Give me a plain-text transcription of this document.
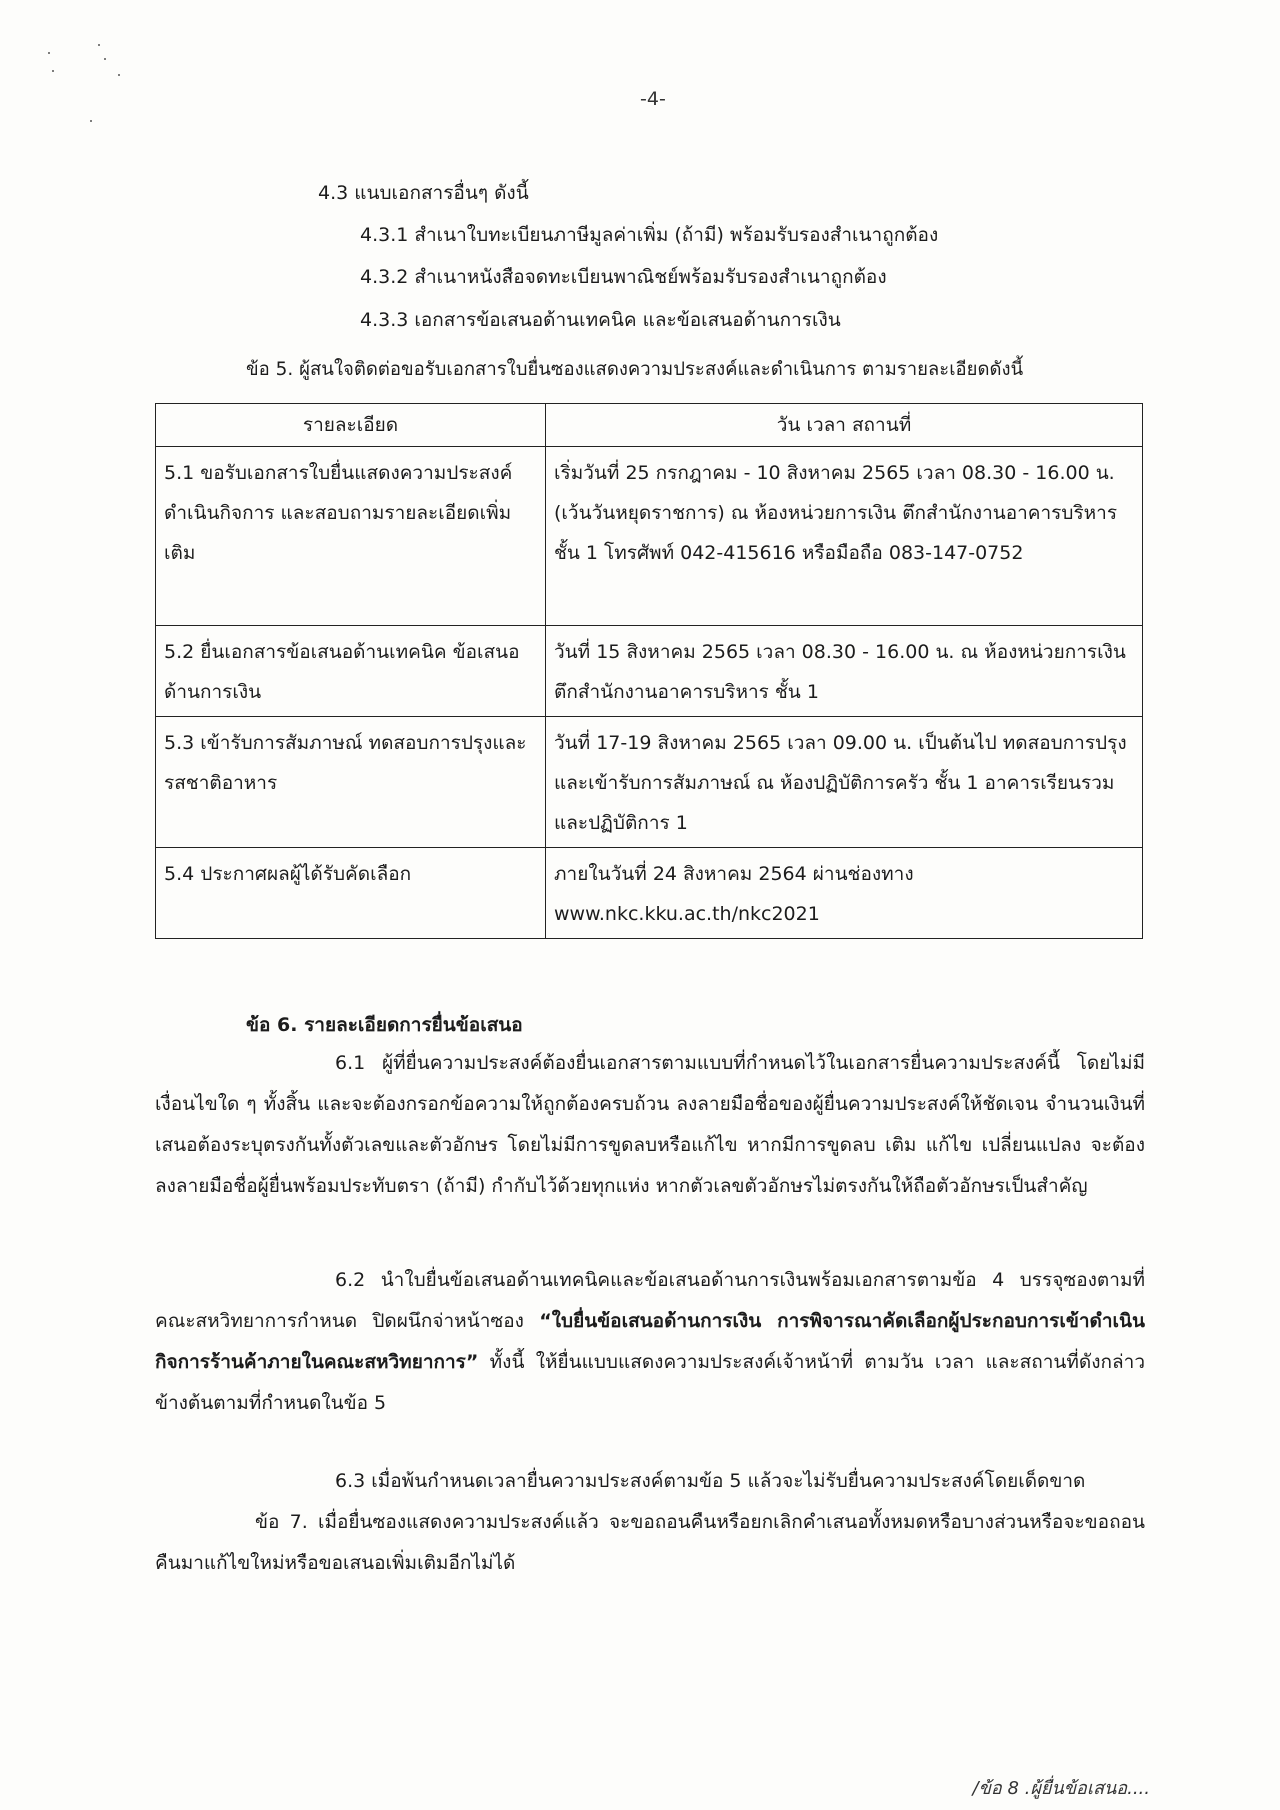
-4-
4.3 แนบเอกสารอื่นๆ ดังนี้
4.3.1 สำเนาใบทะเบียนภาษีมูลค่าเพิ่ม (ถ้ามี) พร้อมรับรองสำเนาถูกต้อง
4.3.2 สำเนาหนังสือจดทะเบียนพาณิชย์พร้อมรับรองสำเนาถูกต้อง
4.3.3 เอกสารข้อเสนอด้านเทคนิค และข้อเสนอด้านการเงิน
ข้อ 5. ผู้สนใจติดต่อขอรับเอกสารใบยื่นซองแสดงความประสงค์และดำเนินการ ตามรายละเอียดดังนี้
รายละเอียด	วัน เวลา สถานที่
5.1 ขอรับเอกสารใบยื่นแสดงความประสงค์ดำเนินกิจการ และสอบถามรายละเอียดเพิ่มเติม	เริ่มวันที่ 25 กรกฎาคม - 10 สิงหาคม 2565 เวลา 08.30 - 16.00 น. (เว้นวันหยุดราชการ) ณ ห้องหน่วยการเงิน ตึกสำนักงานอาคารบริหาร ชั้น 1 โทรศัพท์ 042-415616 หรือมือถือ 083-147-0752
5.2 ยื่นเอกสารข้อเสนอด้านเทคนิค ข้อเสนอด้านการเงิน	วันที่ 15 สิงหาคม 2565 เวลา 08.30 - 16.00 น. ณ ห้องหน่วยการเงิน ตึกสำนักงานอาคารบริหาร ชั้น 1
5.3 เข้ารับการสัมภาษณ์ ทดสอบการปรุงและรสชาติอาหาร	วันที่ 17-19 สิงหาคม 2565 เวลา 09.00 น. เป็นต้นไป ทดสอบการปรุงและเข้ารับการสัมภาษณ์ ณ ห้องปฏิบัติการครัว ชั้น 1 อาคารเรียนรวมและปฏิบัติการ 1
5.4 ประกาศผลผู้ได้รับคัดเลือก	ภายในวันที่ 24 สิงหาคม 2564 ผ่านช่องทาง www.nkc.kku.ac.th/nkc2021
ข้อ 6. รายละเอียดการยื่นข้อเสนอ
6.1 ผู้ที่ยื่นความประสงค์ต้องยื่นเอกสารตามแบบที่กำหนดไว้ในเอกสารยื่นความประสงค์นี้ โดยไม่มีเงื่อนไขใด ๆ ทั้งสิ้น และจะต้องกรอกข้อความให้ถูกต้องครบถ้วน ลงลายมือชื่อของผู้ยื่นความประสงค์ให้ชัดเจน จำนวนเงินที่เสนอต้องระบุตรงกันทั้งตัวเลขและตัวอักษร โดยไม่มีการขูดลบหรือแก้ไข หากมีการขูดลบ เติม แก้ไข เปลี่ยนแปลง จะต้องลงลายมือชื่อผู้ยื่นพร้อมประทับตรา (ถ้ามี) กำกับไว้ด้วยทุกแห่ง หากตัวเลขตัวอักษรไม่ตรงกันให้ถือตัวอักษรเป็นสำคัญ
6.2 นำใบยื่นข้อเสนอด้านเทคนิคและข้อเสนอด้านการเงินพร้อมเอกสารตามข้อ 4 บรรจุซองตามที่คณะสหวิทยาการกำหนด ปิดผนึกจ่าหน้าซอง “ใบยื่นข้อเสนอด้านการเงิน การพิจารณาคัดเลือกผู้ประกอบการเข้าดำเนินกิจการร้านค้าภายในคณะสหวิทยาการ” ทั้งนี้ ให้ยื่นแบบแสดงความประสงค์เจ้าหน้าที่ ตามวัน เวลา และสถานที่ดังกล่าวข้างต้นตามที่กำหนดในข้อ 5
6.3 เมื่อพ้นกำหนดเวลายื่นความประสงค์ตามข้อ 5 แล้วจะไม่รับยื่นความประสงค์โดยเด็ดขาด
ข้อ 7. เมื่อยื่นซองแสดงความประสงค์แล้ว จะขอถอนคืนหรือยกเลิกคำเสนอทั้งหมดหรือบางส่วนหรือจะขอถอนคืนมาแก้ไขใหม่หรือขอเสนอเพิ่มเติมอีกไม่ได้
/ข้อ 8 .ผู้ยื่นข้อเสนอ....
